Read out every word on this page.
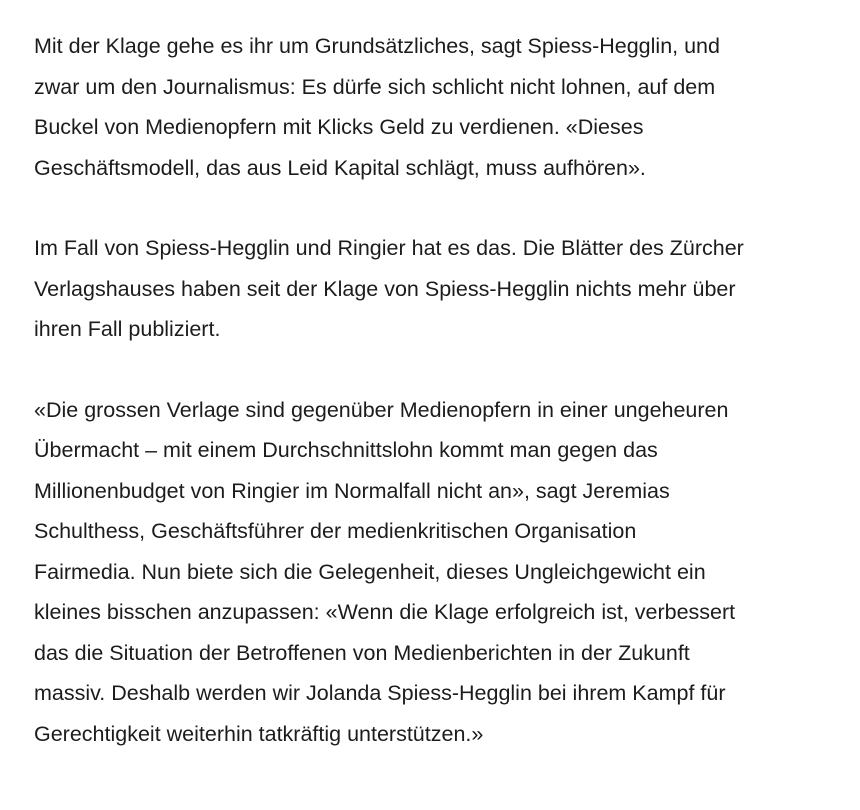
Mit der Klage gehe es ihr um Grundsätzliches, sagt Spiess-Hegglin, und
zwar um den Journalismus: Es dürfe sich schlicht nicht lohnen, auf dem
Buckel von Medienopfern mit Klicks Geld zu verdienen. «Dieses
Geschäftsmodell, das aus Leid Kapital schlägt, muss aufhören».

Im Fall von Spiess-Hegglin und Ringier hat es das. Die Blätter des Zürcher
Verlagshauses haben seit der Klage von Spiess-Hegglin nichts mehr über
ihren Fall publiziert.

«Die grossen Verlage sind gegenüber Medienopfern in einer ungeheuren
Übermacht – mit einem Durchschnittslohn kommt man gegen das
Millionenbudget von Ringier im Normalfall nicht an», sagt Jeremias
Schulthess, Geschäftsführer der medienkritischen Organisation
Fairmedia. Nun biete sich die Gelegenheit, dieses Ungleichgewicht ein
kleines bisschen anzupassen: «Wenn die Klage erfolgreich ist, verbessert
das die Situation der Betroffenen von Medienberichten in der Zukunft
massiv. Deshalb werden wir Jolanda Spiess-Hegglin bei ihrem Kampf für
Gerechtigkeit weiterhin tatkräftig unterstützen.»
